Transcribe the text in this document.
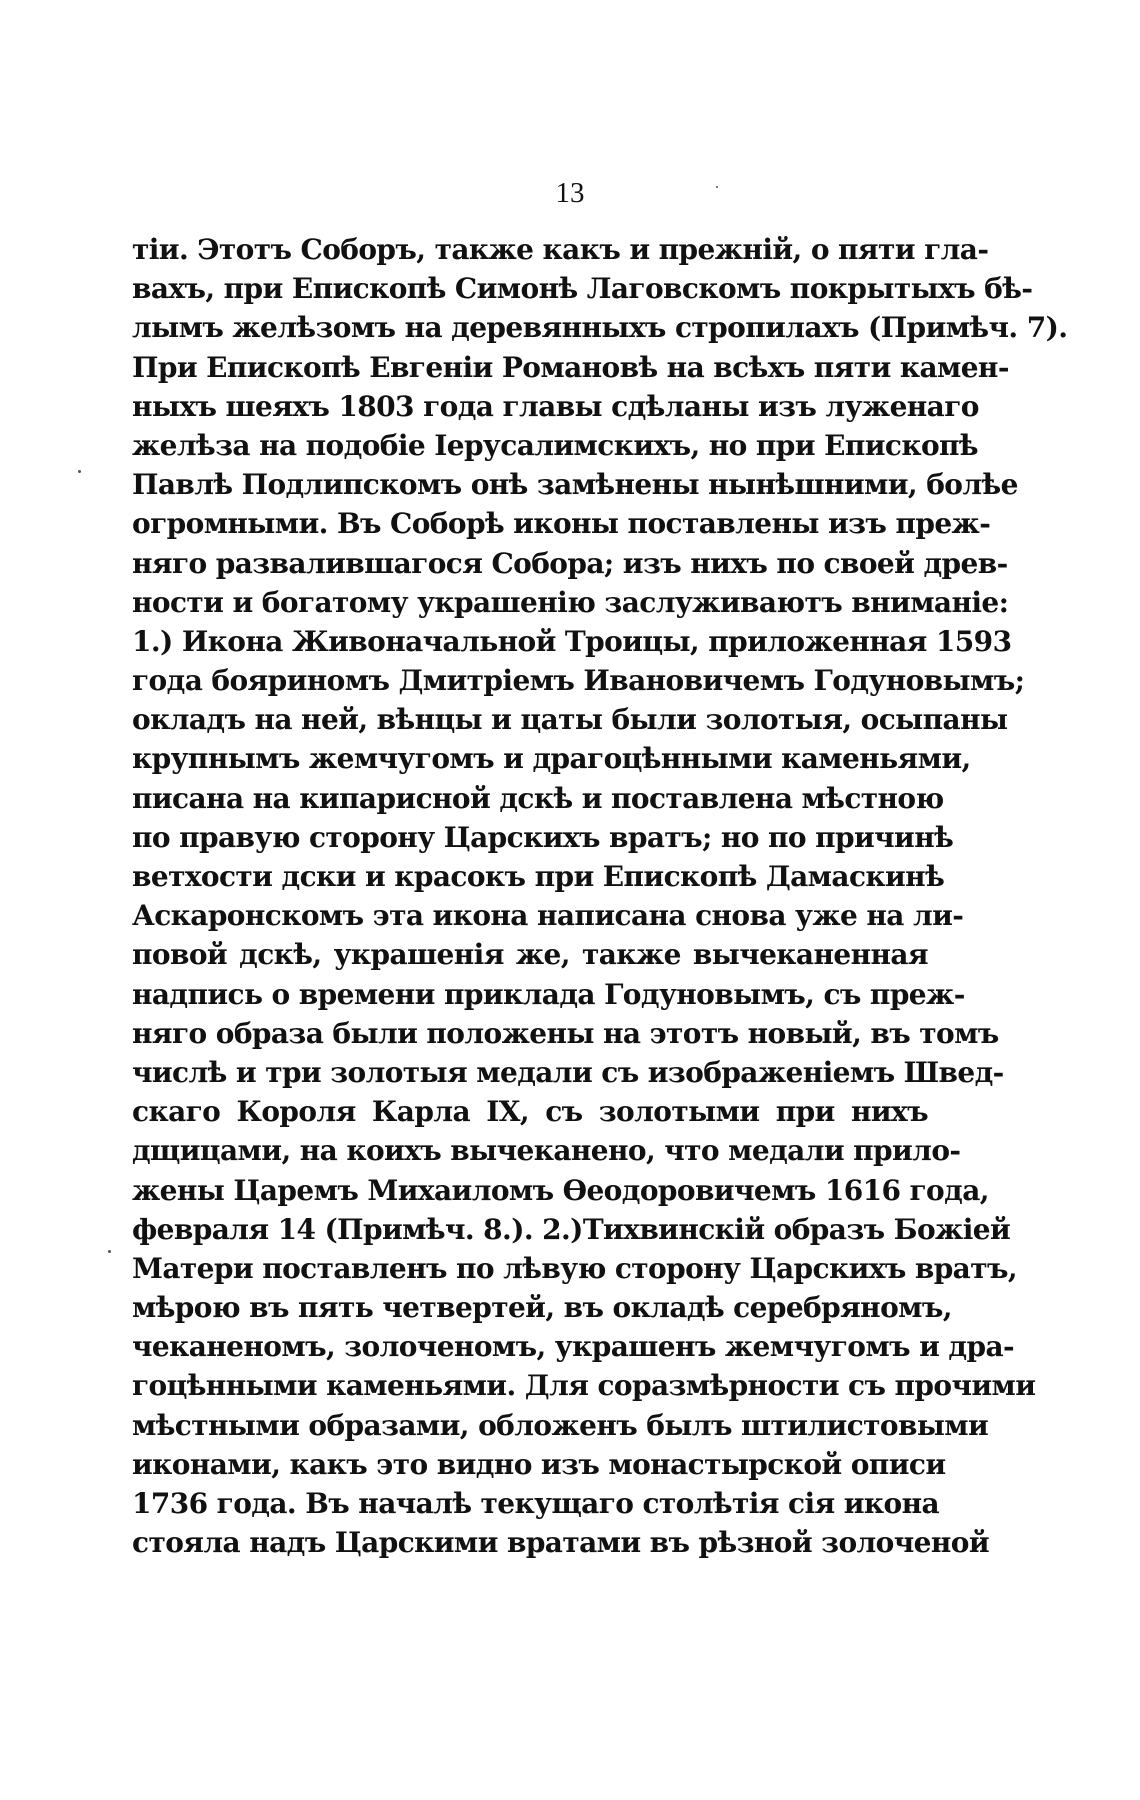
13
тіи. Этотъ Соборъ, также какъ и прежній, о пяти гла-
вахъ, при Епископѣ Симонѣ Лаговскомъ покрытыхъ бѣ-
лымъ желѣзомъ на деревянныхъ стропилахъ (Примѣч. 7).
При Епископѣ Евгеніи Романовѣ на всѣхъ пяти камен-
ныхъ шеяхъ 1803 года главы сдѣланы изъ луженаго
желѣза на подобіе Іерусалимскихъ, но при Епископѣ
Павлѣ Подлипскомъ онѣ замѣнены нынѣшними, болѣе
огромными. Въ Соборѣ иконы поставлены изъ преж-
няго развалившагося Собора; изъ нихъ по своей древ-
ности и богатому украшенію заслуживаютъ вниманіе:
1.) Икона Живоначальной Троицы, приложенная 1593
года бояриномъ Дмитріемъ Ивановичемъ Годуновымъ;
окладъ на ней, вѣнцы и цаты были золотыя, осыпаны
крупнымъ жемчугомъ и драгоцѣнными каменьями,
писана на кипарисной дскѣ и поставлена мѣстною
по правую сторону Царскихъ вратъ; но по причинѣ
ветхости дски и красокъ при Епископѣ Дамаскинѣ
Аскаронскомъ эта икона написана снова уже на ли-
повой дскѣ, украшенія же, также вычеканенная
надпись о времени приклада Годуновымъ, съ преж-
няго образа были положены на этотъ новый, въ томъ
числѣ и три золотыя медали съ изображеніемъ Швед-
скаго Короля Карла IX, съ золотыми при нихъ
дщицами, на коихъ вычеканено, что медали прило-
жены Царемъ Михаиломъ Өеодоровичемъ 1616 года,
февраля 14 (Примѣч. 8.). 2.)Тихвинскій образъ Божіей
Матери поставленъ по лѣвую сторону Царскихъ вратъ,
мѣрою въ пять четвертей, въ окладѣ серебряномъ,
чеканеномъ, золоченомъ, украшенъ жемчугомъ и дра-
гоцѣнными каменьями. Для соразмѣрности съ прочими
мѣстными образами, обложенъ былъ штилистовыми
иконами, какъ это видно изъ монастырской описи
1736 года. Въ началѣ текущаго столѣтія сія икона
стояла надъ Царскими вратами въ рѣзной золоченой
